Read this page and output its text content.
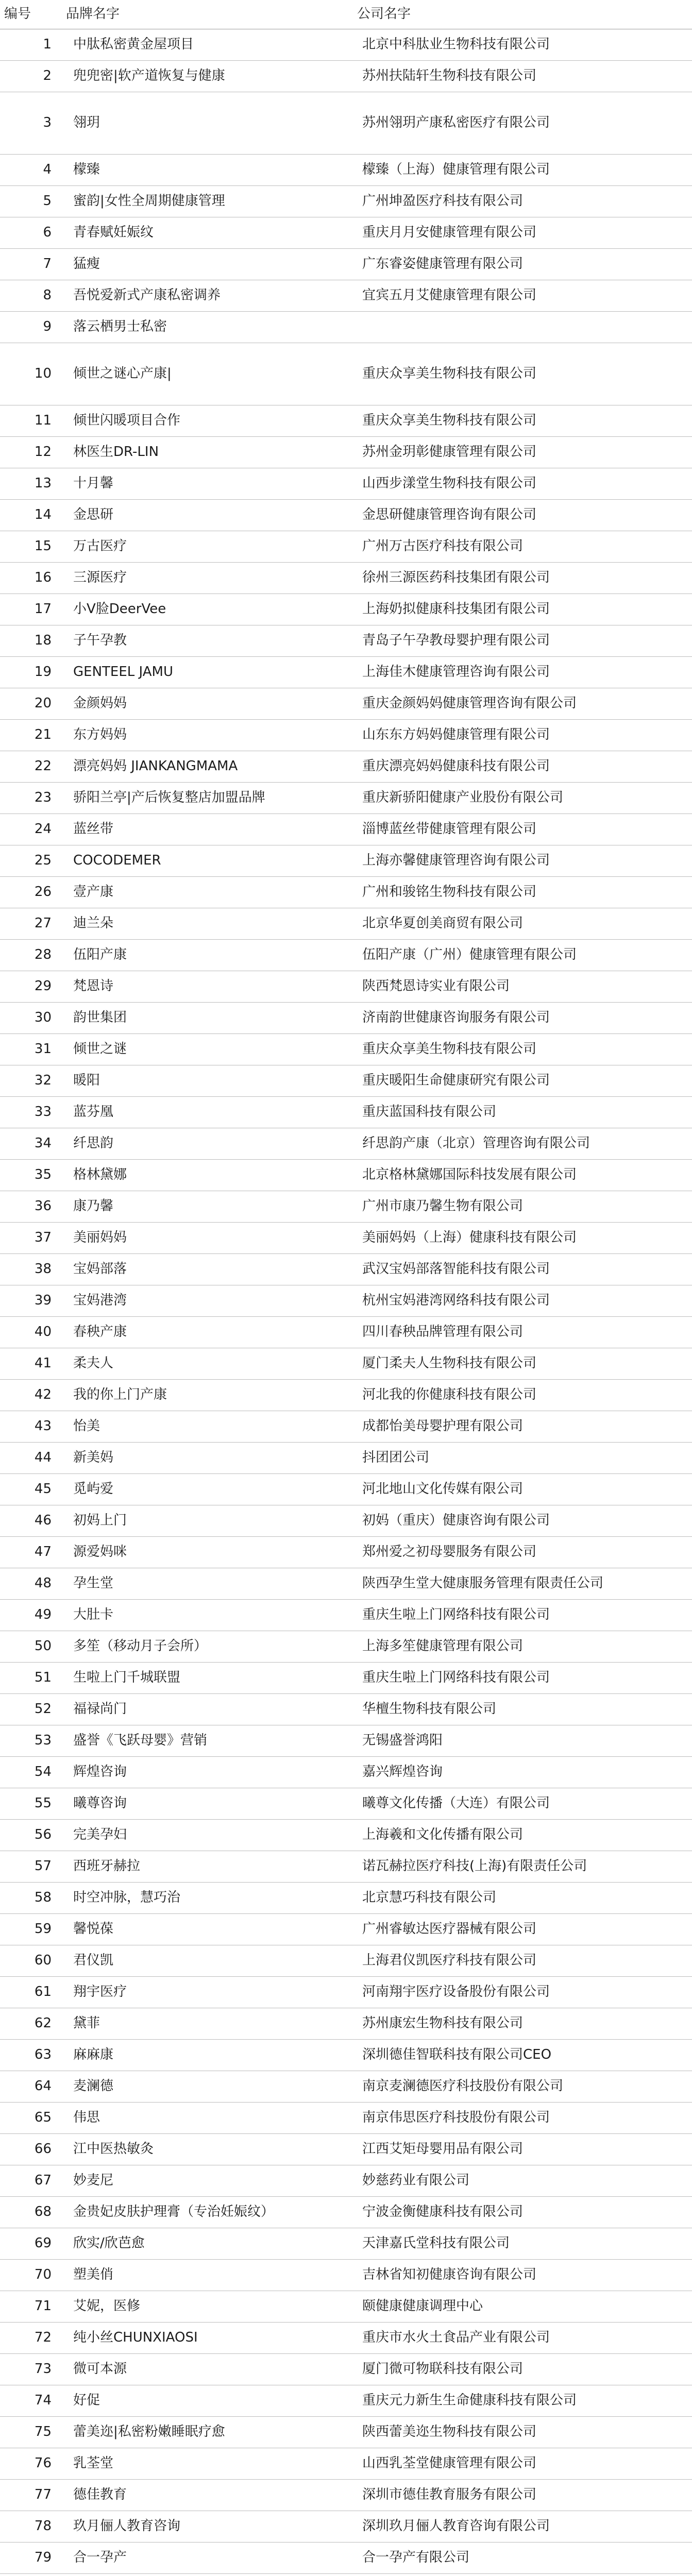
编号	品牌名字	公司名字
1	中肽私密黄金屋项目	北京中科肽业生物科技有限公司
2	兜兜密|软产道恢复与健康	苏州扶陆轩生物科技有限公司
3	翎玥	苏州翎玥产康私密医疗有限公司
4	檬臻	檬臻（上海）健康管理有限公司
5	蜜韵|女性全周期健康管理	广州坤盈医疗科技有限公司
6	青春赋妊娠纹	重庆月月安健康管理有限公司
7	猛瘦	广东睿姿健康管理有限公司
8	吾悦爱新式产康私密调养	宜宾五月艾健康管理有限公司
9	落云栖男士私密	
10	倾世之谜心产康|	重庆众享美生物科技有限公司
11	倾世闪暖项目合作	重庆众享美生物科技有限公司
12	林医生DR-LIN	苏州金玥彰健康管理有限公司
13	十月馨	山西步漾堂生物科技有限公司
14	金思研	金思研健康管理咨询有限公司
15	万古医疗	广州万古医疗科技有限公司
16	三源医疗	徐州三源医药科技集团有限公司
17	小V脸DeerVee	上海奶拟健康科技集团有限公司
18	子午孕教	青岛子午孕教母婴护理有限公司
19	GENTEEL JAMU	上海佳木健康管理咨询有限公司
20	金颜妈妈	重庆金颜妈妈健康管理咨询有限公司
21	东方妈妈	山东东方妈妈健康管理有限公司
22	漂亮妈妈 JIANKANGMAMA	重庆漂亮妈妈健康科技有限公司
23	骄阳兰亭|产后恢复整店加盟品牌	重庆新骄阳健康产业股份有限公司
24	蓝丝带	淄博蓝丝带健康管理有限公司
25	COCODEMER	上海亦馨健康管理咨询有限公司
26	壹产康	广州和骏铭生物科技有限公司
27	迪兰朵	北京华夏创美商贸有限公司
28	伍阳产康	伍阳产康（广州）健康管理有限公司
29	梵恩诗	陕西梵恩诗实业有限公司
30	韵世集团	济南韵世健康咨询服务有限公司
31	倾世之谜	重庆众享美生物科技有限公司
32	暖阳	重庆暖阳生命健康研究有限公司
33	蓝芬凰	重庆蓝国科技有限公司
34	纤思韵	纤思韵产康（北京）管理咨询有限公司
35	格林黛娜	北京格林黛娜国际科技发展有限公司
36	康乃馨	广州市康乃馨生物有限公司
37	美丽妈妈	美丽妈妈（上海）健康科技有限公司
38	宝妈部落	武汉宝妈部落智能科技有限公司
39	宝妈港湾	杭州宝妈港湾网络科技有限公司
40	春秧产康	四川春秧品牌管理有限公司
41	柔夫人	厦门柔夫人生物科技有限公司
42	我的你上门产康	河北我的你健康科技有限公司
43	怡美	成都怡美母婴护理有限公司
44	新美妈	抖团团公司
45	觅屿爱	河北地山文化传媒有限公司
46	初妈上门	初妈（重庆）健康咨询有限公司
47	源爱妈咪	郑州爱之初母婴服务有限公司
48	孕生堂	陕西孕生堂大健康服务管理有限责任公司
49	大肚卡	重庆生啦上门网络科技有限公司
50	多笙（移动月子会所）	上海多笙健康管理有限公司
51	生啦上门千城联盟	重庆生啦上门网络科技有限公司
52	福禄尚门	华檀生物科技有限公司
53	盛誉《飞跃母婴》营销	无锡盛誉鸿阳
54	辉煌咨询	嘉兴辉煌咨询
55	曦尊咨询	曦尊文化传播（大连）有限公司
56	完美孕妇	上海羲和文化传播有限公司
57	西班牙赫拉	诺瓦赫拉医疗科技(上海)有限责任公司
58	时空冲脉，慧巧治	北京慧巧科技有限公司
59	馨悦葆	广州睿敏达医疗器械有限公司
60	君仪凯	上海君仪凯医疗科技有限公司
61	翔宇医疗	河南翔宇医疗设备股份有限公司
62	黛菲	苏州康宏生物科技有限公司
63	麻麻康	深圳德佳智联科技有限公司CEO
64	麦澜德	南京麦澜德医疗科技股份有限公司
65	伟思	南京伟思医疗科技股份有限公司
66	江中医热敏灸	江西艾矩母婴用品有限公司
67	妙麦尼	妙慈药业有限公司
68	金贵妃皮肤护理膏（专治妊娠纹）	宁波金衡健康科技有限公司
69	欣实/欣芭愈	天津嘉氏堂科技有限公司
70	塑美俏	吉林省知初健康咨询有限公司
71	艾妮，医修	颐健康健康调理中心
72	纯小丝CHUNXIAOSI	重庆市水火土食品产业有限公司
73	微可本源	厦门微可物联科技有限公司
74	好促	重庆元力新生生命健康科技有限公司
75	蕾美迩|私密粉嫩睡眠疗愈	陕西蕾美迩生物科技有限公司
76	乳荃堂	山西乳荃堂健康管理有限公司
77	德佳教育	深圳市德佳教育服务有限公司
78	玖月俪人教育咨询	深圳玖月俪人教育咨询有限公司
79	合一孕产	合一孕产有限公司
